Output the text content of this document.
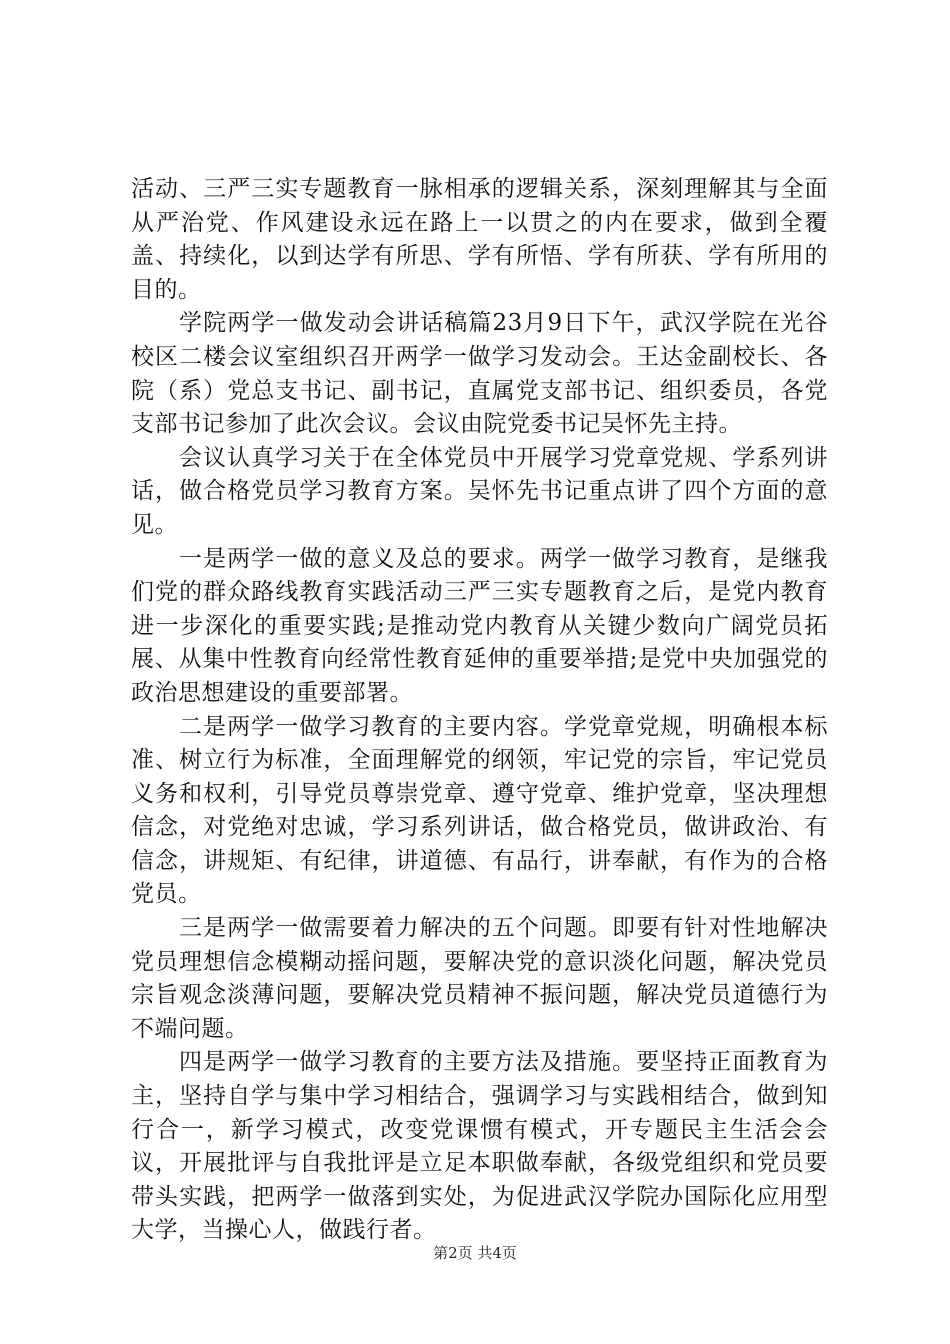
活动、三严三实专题教育一脉相承的逻辑关系，深刻理解其与全面从严治党、作风建设永远在路上一以贯之的内在要求，做到全覆盖、持续化，以到达学有所思、学有所悟、学有所获、学有所用的目的。

学院两学一做发动会讲话稿篇23月9日下午，武汉学院在光谷校区二楼会议室组织召开两学一做学习发动会。王达金副校长、各院（系）党总支书记、副书记，直属党支部书记、组织委员，各党支部书记参加了此次会议。会议由院党委书记吴怀先主持。

会议认真学习关于在全体党员中开展学习党章党规、学系列讲话，做合格党员学习教育方案。吴怀先书记重点讲了四个方面的意见。

一是两学一做的意义及总的要求。两学一做学习教育，是继我们党的群众路线教育实践活动三严三实专题教育之后，是党内教育进一步深化的重要实践;是推动党内教育从关键少数向广阔党员拓展、从集中性教育向经常性教育延伸的重要举措;是党中央加强党的政治思想建设的重要部署。

二是两学一做学习教育的主要内容。学党章党规，明确根本标准、树立行为标准，全面理解党的纲领，牢记党的宗旨，牢记党员义务和权利，引导党员尊崇党章、遵守党章、维护党章，坚决理想信念，对党绝对忠诚，学习系列讲话，做合格党员，做讲政治、有信念，讲规矩、有纪律，讲道德、有品行，讲奉献，有作为的合格党员。

三是两学一做需要着力解决的五个问题。即要有针对性地解决党员理想信念模糊动摇问题，要解决党的意识淡化问题，解决党员宗旨观念淡薄问题，要解决党员精神不振问题，解决党员道德行为不端问题。

四是两学一做学习教育的主要方法及措施。要坚持正面教育为主，坚持自学与集中学习相结合，强调学习与实践相结合，做到知行合一，新学习模式，改变党课惯有模式，开专题民主生活会会议，开展批评与自我批评是立足本职做奉献，各级党组织和党员要带头实践，把两学一做落到实处，为促进武汉学院办国际化应用型大学，当操心人，做践行者。

第2页 共4页
